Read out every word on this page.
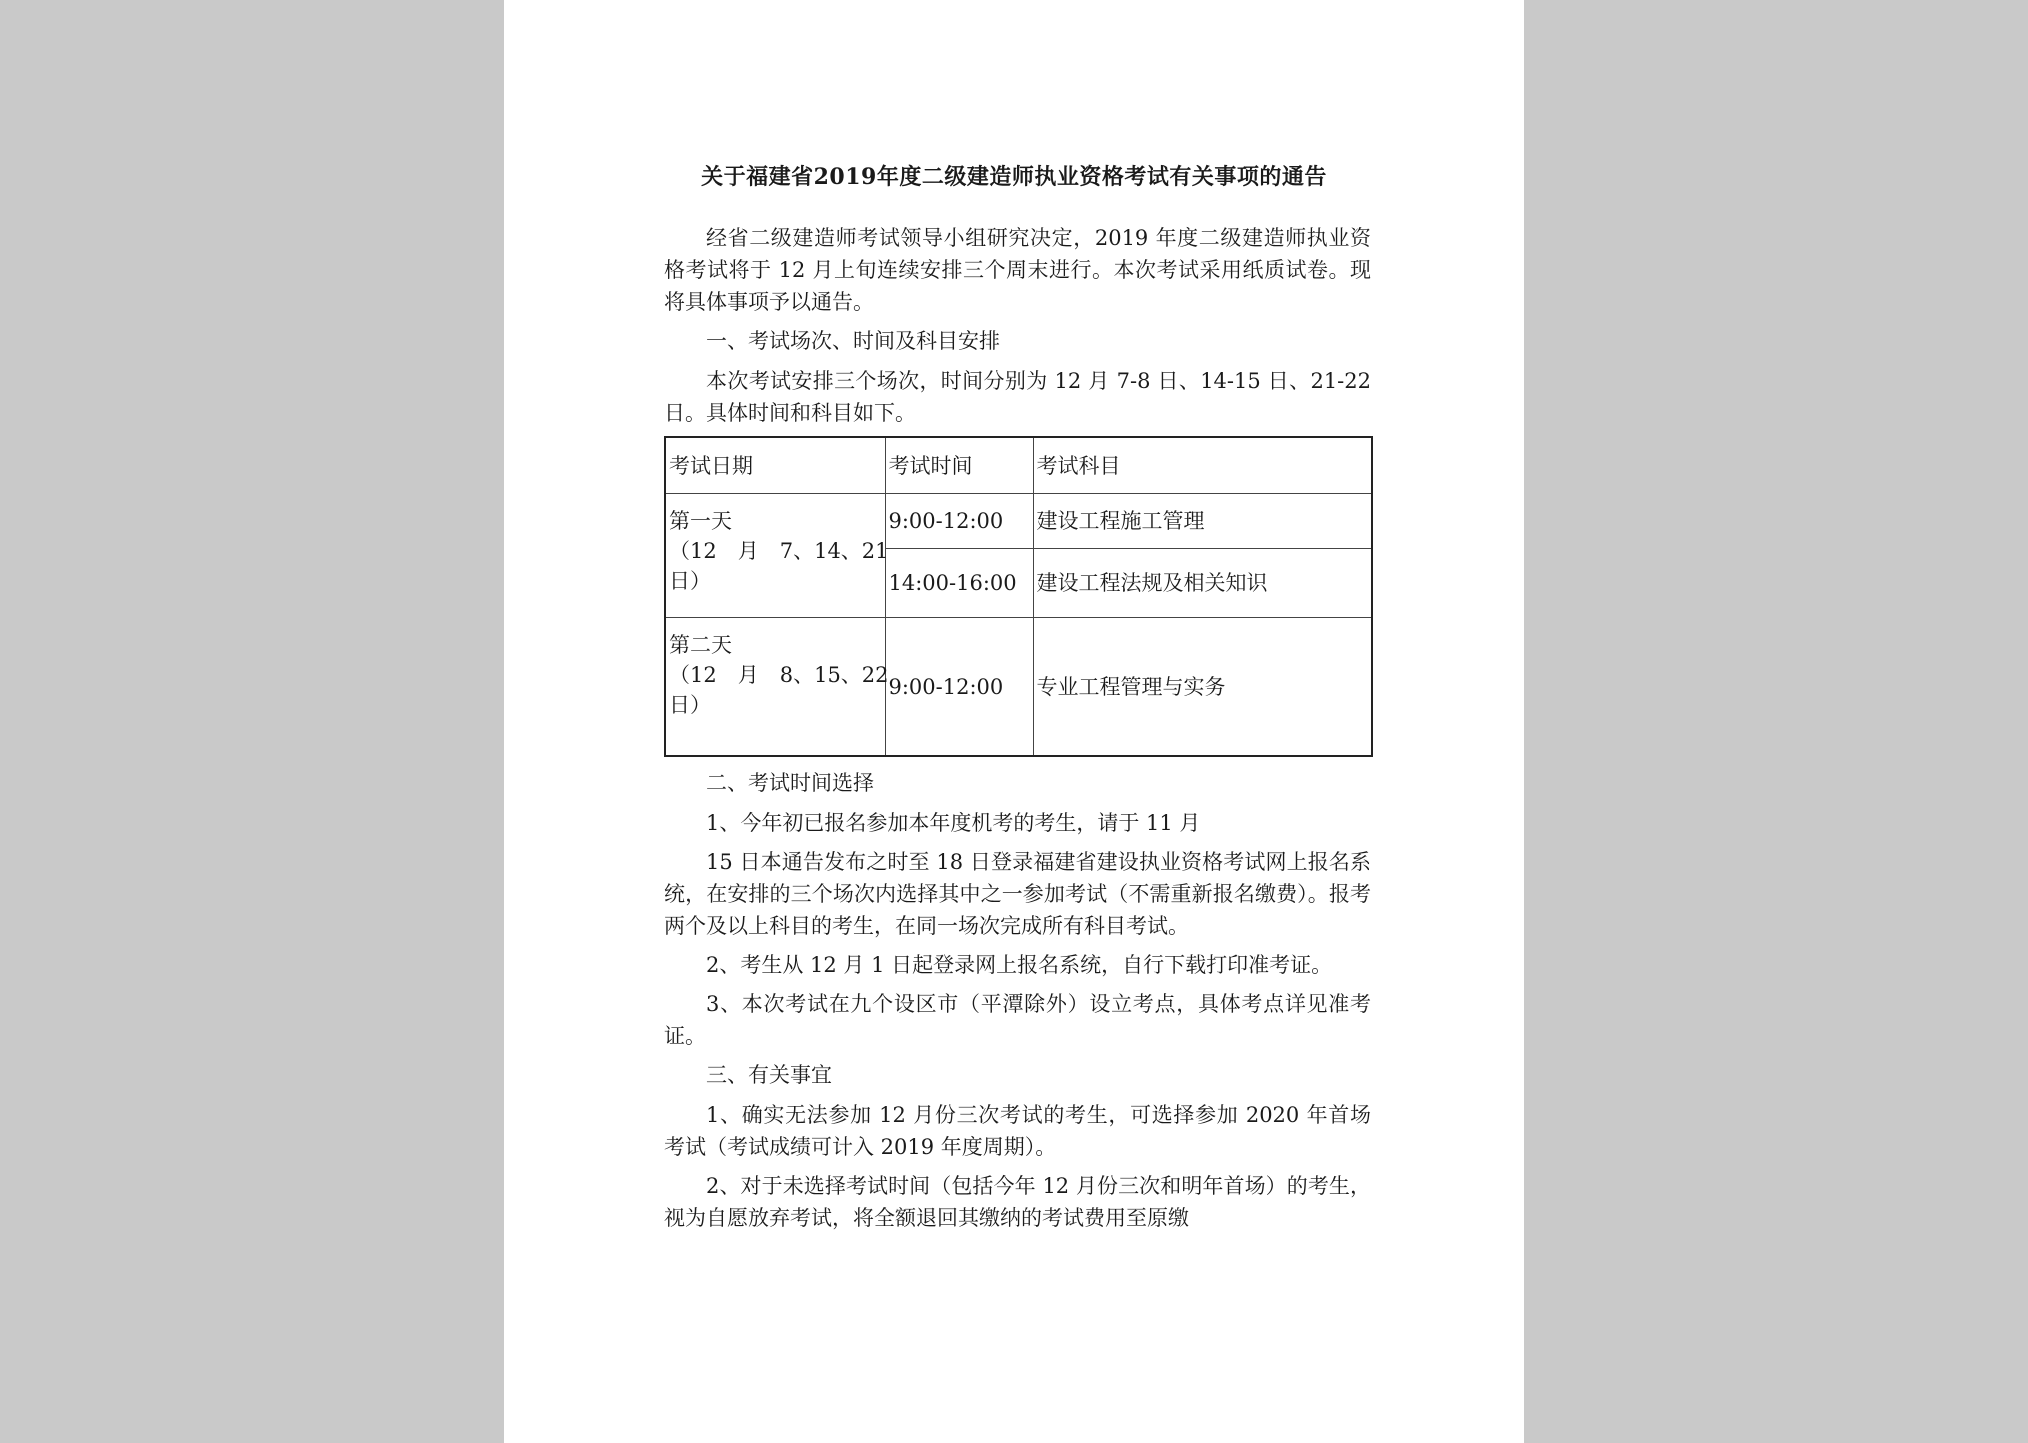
关于福建省2019年度二级建造师执业资格考试有关事项的通告

经省二级建造师考试领导小组研究决定，2019 年度二级建造师执业资格考试将于 12 月上旬连续安排三个周末进行。本次考试采用纸质试卷。现将具体事项予以通告。

一、考试场次、时间及科目安排

本次考试安排三个场次，时间分别为 12 月 7-8 日、14-15 日、21-22 日。具体时间和科目如下。

考试日期	考试时间	考试科目

第一天
（12　月　7、14、21
日）	9:00-12:00	建设工程施工管理
	14:00-16:00	建设工程法规及相关知识

第二天
（12　月　8、15、22
日）	9:00-12:00	专业工程管理与实务

二、考试时间选择

1、今年初已报名参加本年度机考的考生，请于 11 月

15 日本通告发布之时至 18 日登录福建省建设执业资格考试网上报名系统，在安排的三个场次内选择其中之一参加考试（不需重新报名缴费）。报考两个及以上科目的考生，在同一场次完成所有科目考试。

2、考生从 12 月 1 日起登录网上报名系统，自行下载打印准考证。

3、本次考试在九个设区市（平潭除外）设立考点，具体考点详见准考证。

三、有关事宜

1、确实无法参加 12 月份三次考试的考生，可选择参加 2020 年首场考试（考试成绩可计入 2019 年度周期）。

2、对于未选择考试时间（包括今年 12 月份三次和明年首场）的考生，视为自愿放弃考试，将全额退回其缴纳的考试费用至原缴
